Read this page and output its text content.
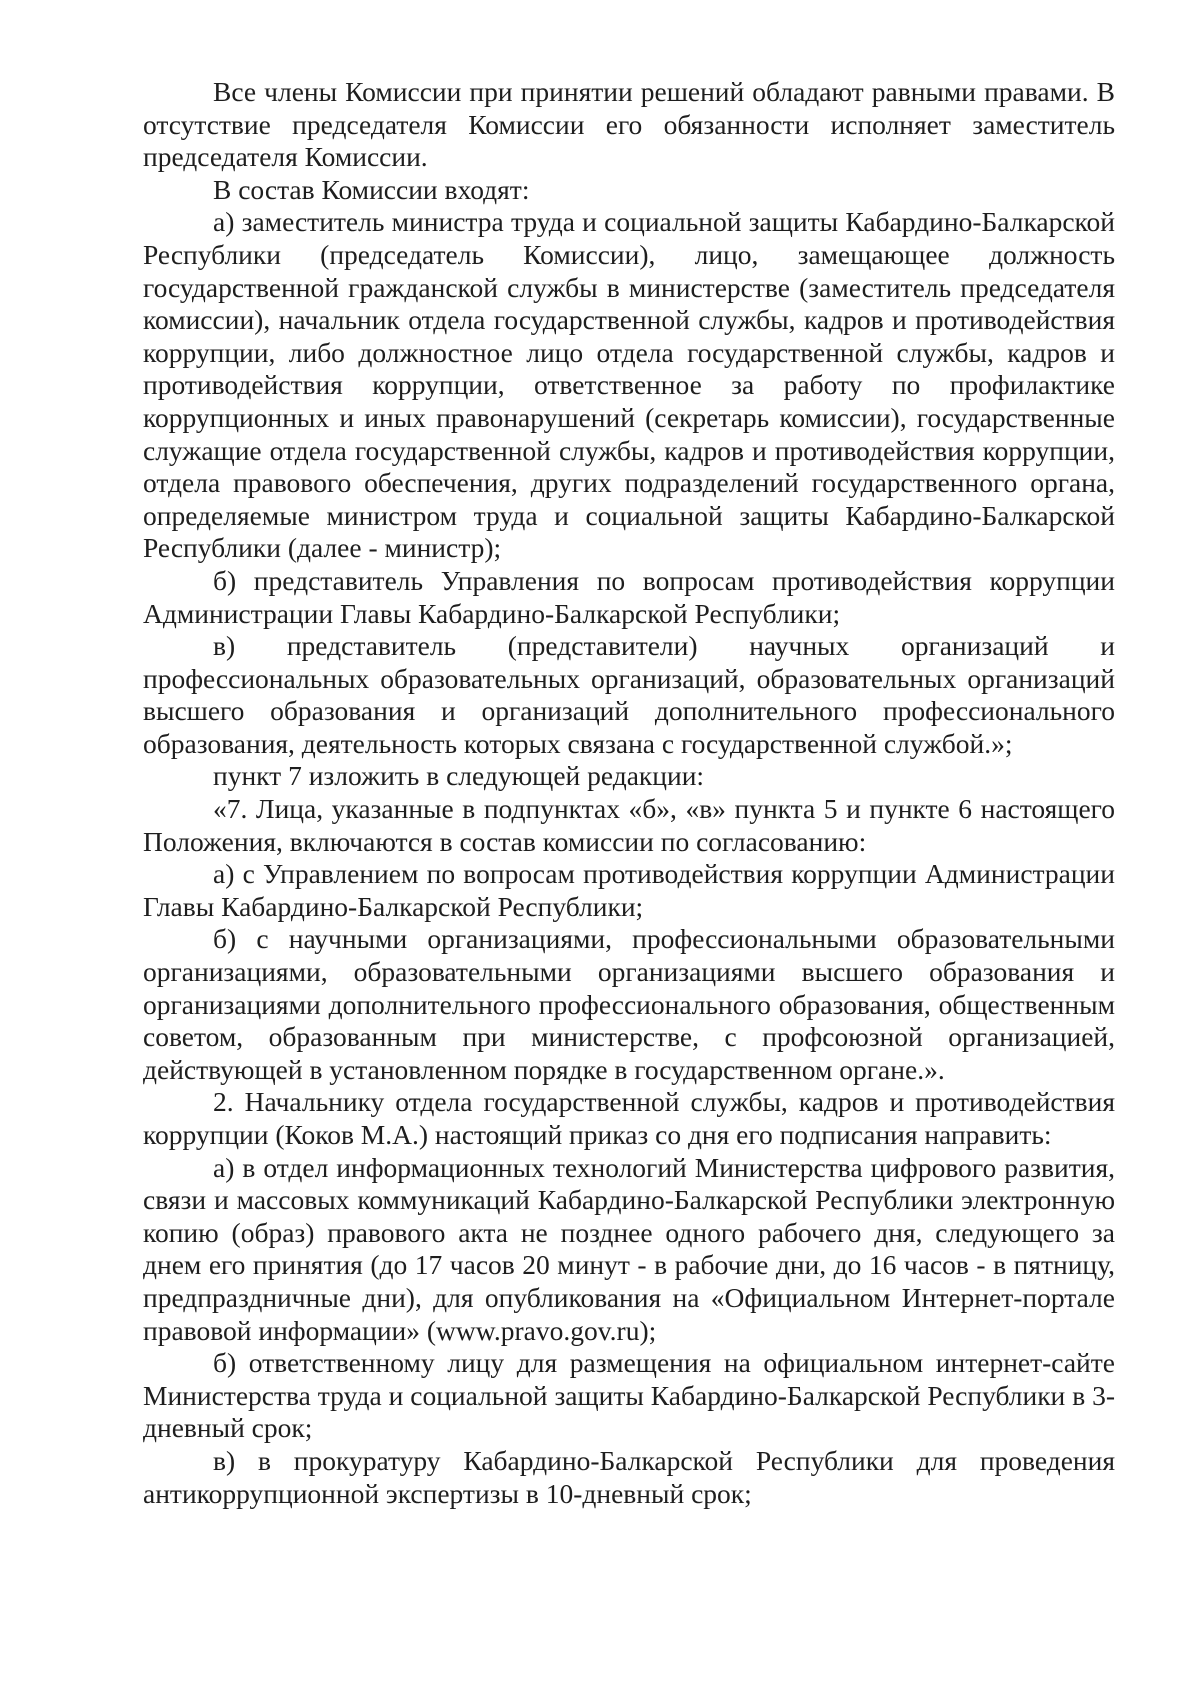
Все члены Комиссии при принятии решений обладают равными правами. В отсутствие председателя Комиссии его обязанности исполняет заместитель председателя Комиссии.

В состав Комиссии входят:

а) заместитель министра труда и социальной защиты Кабардино-Балкарской Республики (председатель Комиссии), лицо, замещающее должность государственной гражданской службы в министерстве (заместитель председателя комиссии), начальник отдела государственной службы, кадров и противодействия коррупции, либо должностное лицо отдела государственной службы, кадров и противодействия коррупции, ответственное за работу по профилактике коррупционных и иных правонарушений (секретарь комиссии), государственные служащие отдела государственной службы, кадров и противодействия коррупции, отдела правового обеспечения, других подразделений государственного органа, определяемые министром труда и социальной защиты Кабардино-Балкарской Республики (далее - министр);

б) представитель Управления по вопросам противодействия коррупции Администрации Главы Кабардино-Балкарской Республики;

в) представитель (представители) научных организаций и профессиональных образовательных организаций, образовательных организаций высшего образования и организаций дополнительного профессионального образования, деятельность которых связана с государственной службой.»;

пункт 7 изложить в следующей редакции:

«7. Лица, указанные в подпунктах «б», «в» пункта 5 и пункте 6 настоящего Положения, включаются в состав комиссии по согласованию:

а) с Управлением по вопросам противодействия коррупции Администрации Главы Кабардино-Балкарской Республики;

б) с научными организациями, профессиональными образовательными организациями, образовательными организациями высшего образования и организациями дополнительного профессионального образования, общественным советом, образованным при министерстве, с профсоюзной организацией, действующей в установленном порядке в государственном органе.».

2. Начальнику отдела государственной службы, кадров и противодействия коррупции (Коков М.А.) настоящий приказ со дня его подписания направить:

а) в отдел информационных технологий Министерства цифрового развития, связи и массовых коммуникаций Кабардино-Балкарской Республики электронную копию (образ) правового акта не позднее одного рабочего дня, следующего за днем его принятия (до 17 часов 20 минут - в рабочие дни, до 16 часов - в пятницу, предпраздничные дни), для опубликования на «Официальном Интернет-портале правовой информации» (www.pravo.gov.ru);

б) ответственному лицу для размещения на официальном интернет-сайте Министерства труда и социальной защиты Кабардино-Балкарской Республики в 3-дневный срок;

в) в прокуратуру Кабардино-Балкарской Республики для проведения антикоррупционной экспертизы в 10-дневный срок;
